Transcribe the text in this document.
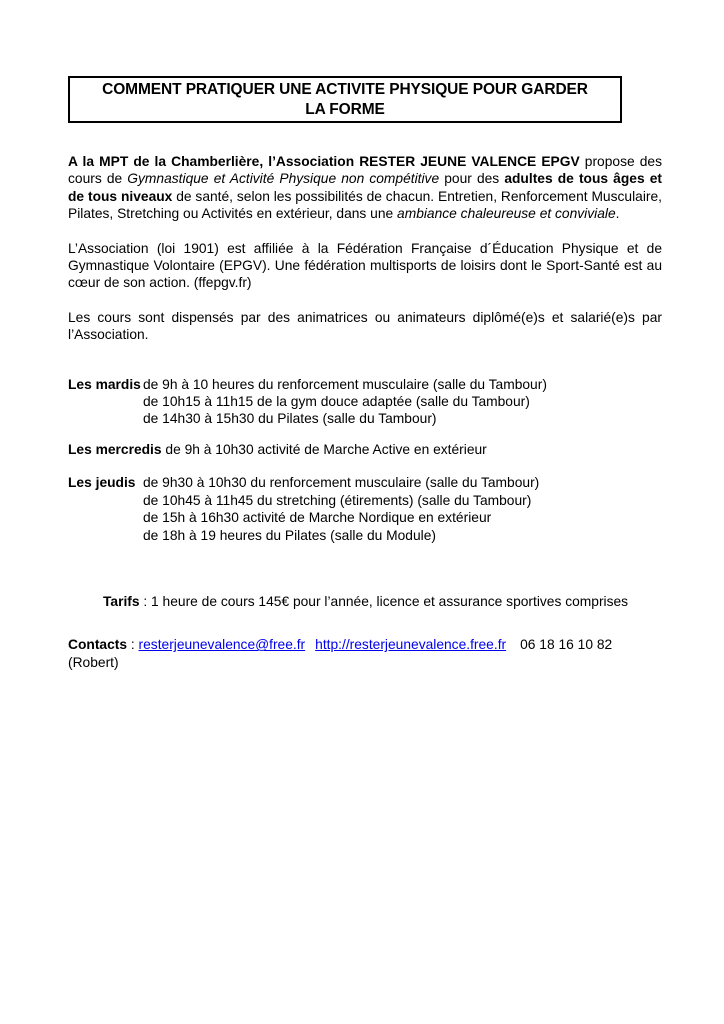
COMMENT PRATIQUER UNE ACTIVITE PHYSIQUE POUR GARDER
LA FORME

A la MPT de la Chamberlière, l’Association RESTER JEUNE VALENCE EPGV propose des cours de Gymnastique et Activité Physique non compétitive pour des adultes de tous âges et de tous niveaux de santé, selon les possibilités de chacun. Entretien, Renforcement Musculaire, Pilates, Stretching ou Activités en extérieur, dans une ambiance chaleureuse et conviviale.

L’Association (loi 1901) est affiliée à la Fédération Française d´Éducation Physique et de Gymnastique Volontaire (EPGV). Une fédération multisports de loisirs dont le Sport-Santé est au cœur de son action. (ffepgv.fr)

Les cours sont dispensés par des animatrices ou animateurs diplômé(e)s et salarié(e)s par l’Association.

Les mardis de 9h à 10 heures du renforcement musculaire (salle du Tambour)
de 10h15 à 11h15 de la gym douce adaptée (salle du Tambour)
de 14h30 à 15h30 du Pilates (salle du Tambour)
Les mercredis de 9h à 10h30 activité de Marche Active en extérieur
Les jeudis de 9h30 à 10h30 du renforcement musculaire (salle du Tambour)
de 10h45 à 11h45 du stretching (étirements) (salle du Tambour)
de 15h à 16h30 activité de Marche Nordique en extérieur
de 18h à 19 heures du Pilates (salle du Module)
Tarifs : 1 heure de cours 145€ pour l’année, licence et assurance sportives comprises
Contacts : resterjeunevalence@free.fr http://resterjeunevalence.free.fr 06 18 16 10 82 (Robert)
